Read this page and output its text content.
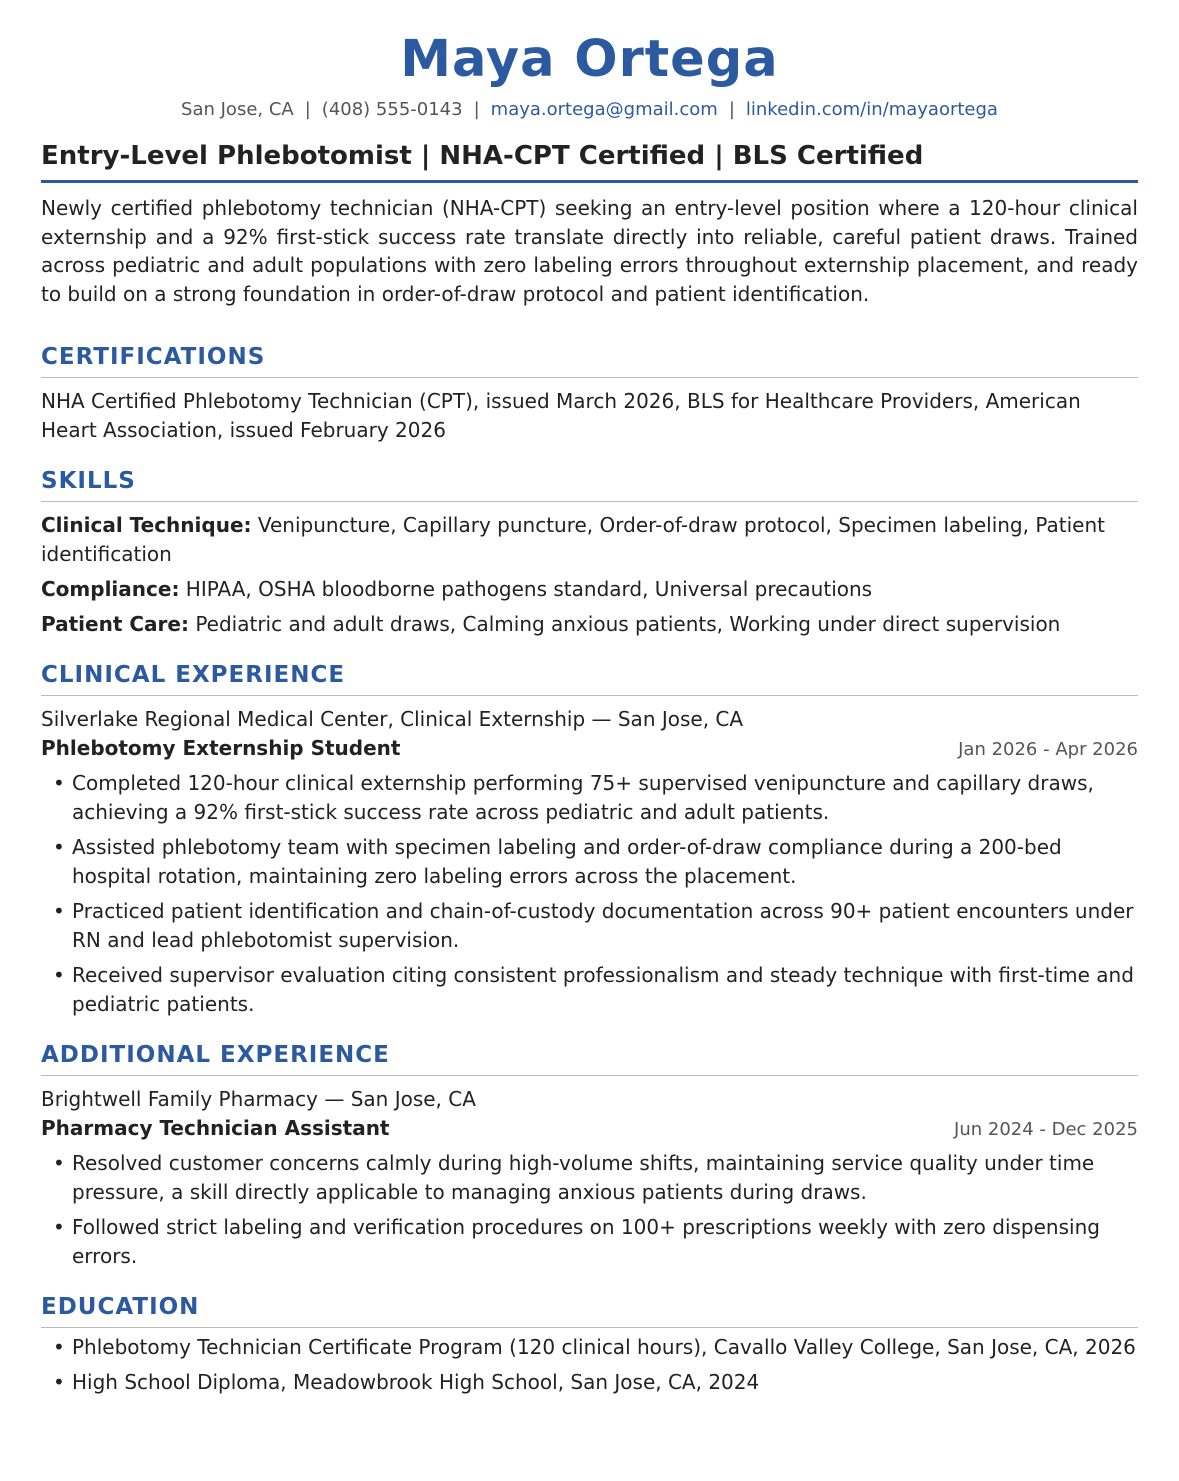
Maya Ortega
San Jose, CA | (408) 555-0143 | maya.ortega@gmail.com | linkedin.com/in/mayaortega
Entry-Level Phlebotomist | NHA-CPT Certified | BLS Certified
Newly certified phlebotomy technician (NHA-CPT) seeking an entry-level position where a 120-hour clinical externship and a 92% first-stick success rate translate directly into reliable, careful patient draws. Trained across pediatric and adult populations with zero labeling errors throughout externship placement, and ready to build on a strong foundation in order-of-draw protocol and patient identification.
CERTIFICATIONS
NHA Certified Phlebotomy Technician (CPT), issued March 2026, BLS for Healthcare Providers, American Heart Association, issued February 2026
SKILLS
Clinical Technique: Venipuncture, Capillary puncture, Order-of-draw protocol, Specimen labeling, Patient identification
Compliance: HIPAA, OSHA bloodborne pathogens standard, Universal precautions
Patient Care: Pediatric and adult draws, Calming anxious patients, Working under direct supervision
CLINICAL EXPERIENCE
Silverlake Regional Medical Center, Clinical Externship — San Jose, CA
Phlebotomy Externship Student	Jan 2026 - Apr 2026
• Completed 120-hour clinical externship performing 75+ supervised venipuncture and capillary draws, achieving a 92% first-stick success rate across pediatric and adult patients.
• Assisted phlebotomy team with specimen labeling and order-of-draw compliance during a 200-bed hospital rotation, maintaining zero labeling errors across the placement.
• Practiced patient identification and chain-of-custody documentation across 90+ patient encounters under RN and lead phlebotomist supervision.
• Received supervisor evaluation citing consistent professionalism and steady technique with first-time and pediatric patients.
ADDITIONAL EXPERIENCE
Brightwell Family Pharmacy — San Jose, CA
Pharmacy Technician Assistant	Jun 2024 - Dec 2025
• Resolved customer concerns calmly during high-volume shifts, maintaining service quality under time pressure, a skill directly applicable to managing anxious patients during draws.
• Followed strict labeling and verification procedures on 100+ prescriptions weekly with zero dispensing errors.
EDUCATION
• Phlebotomy Technician Certificate Program (120 clinical hours), Cavallo Valley College, San Jose, CA, 2026
• High School Diploma, Meadowbrook High School, San Jose, CA, 2024
